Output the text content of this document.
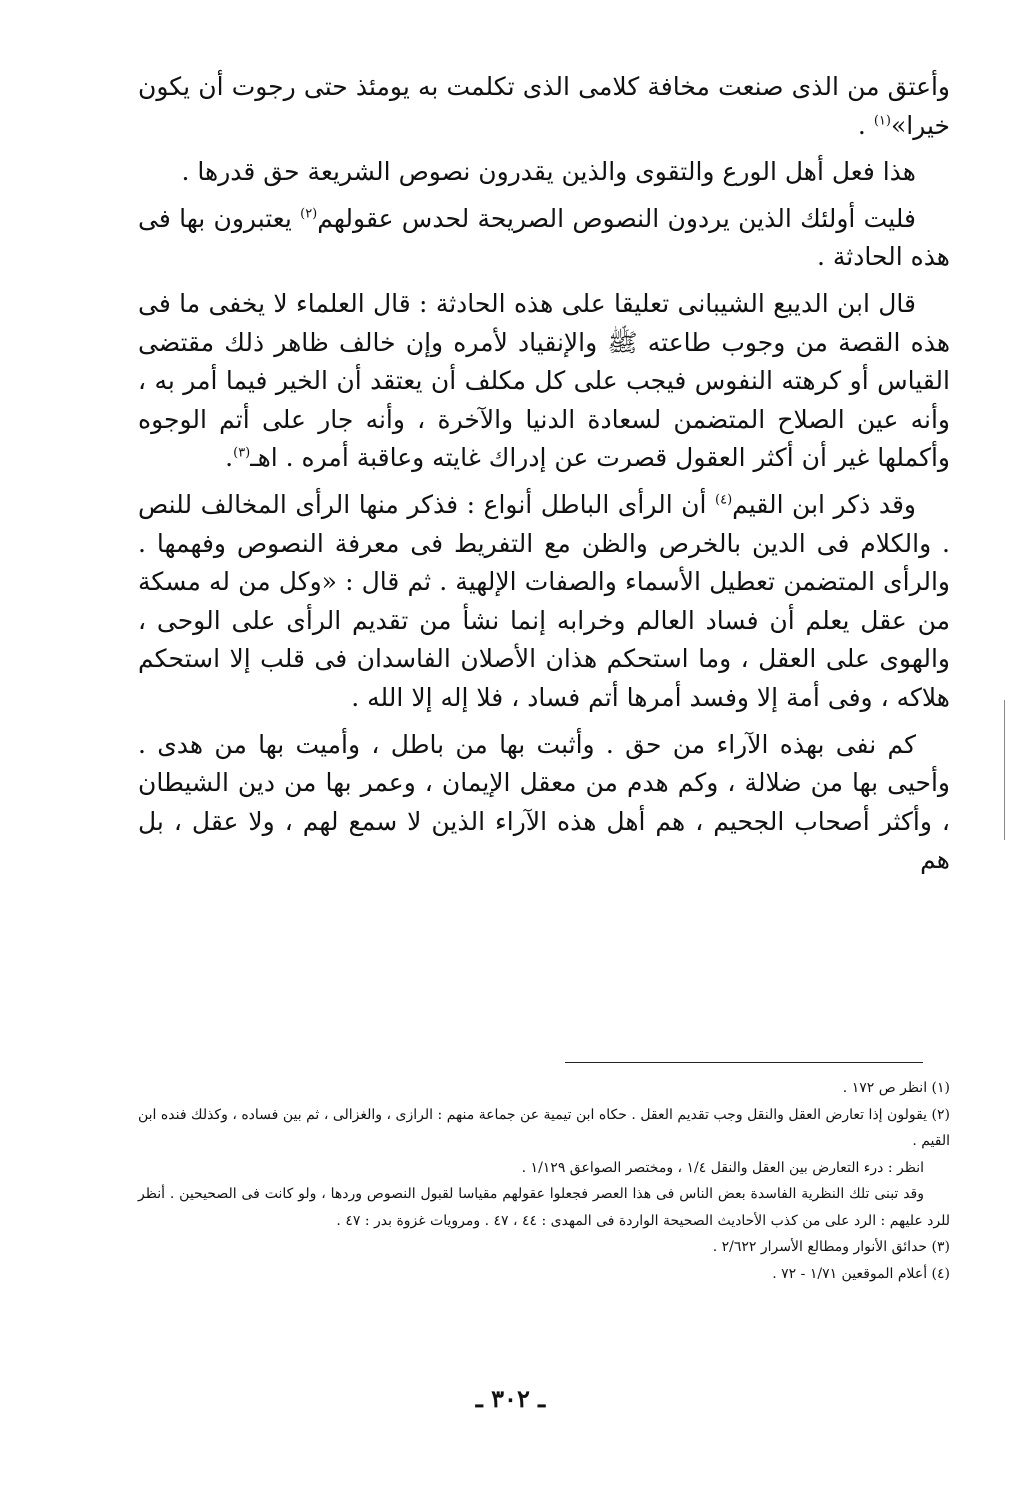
وأعتق من الذى صنعت مخافة كلامى الذى تكلمت به يومئذ حتى رجوت أن يكون خيرا»$^{(١)}$ .

هذا فعل أهل الورع والتقوى والذين يقدرون نصوص الشريعة حق قدرها .

فليت أولئك الذين يردون النصوص الصريحة لحدس عقولهم$^{(٢)}$ يعتبرون بها فى هذه الحادثة .

قال ابن الديبع الشيبانى تعليقا على هذه الحادثة : قال العلماء لا يخفى ما فى هذه القصة من وجوب طاعته ﷺ والإنقياد لأمره وإن خالف ظاهر ذلك مقتضى القياس أو كرهته النفوس فيجب على كل مكلف أن يعتقد أن الخير فيما أمر به ، وأنه عين الصلاح المتضمن لسعادة الدنيا والآخرة ، وأنه جار على أتم الوجوه وأكملها غير أن أكثر العقول قصرت عن إدراك غايته وعاقبة أمره . اهـ$^{(٣)}$.

وقد ذكر ابن القيم$^{(٤)}$ أن الرأى الباطل أنواع : فذكر منها الرأى المخالف للنص . والكلام فى الدين بالخرص والظن مع التفريط فى معرفة النصوص وفهمها . والرأى المتضمن تعطيل الأسماء والصفات الإلهية . ثم قال : «وكل من له مسكة من عقل يعلم أن فساد العالم وخرابه إنما نشأ من تقديم الرأى على الوحى ، والهوى على العقل ، وما استحكم هذان الأصلان الفاسدان فى قلب إلا استحكم هلاكه ، وفى أمة إلا وفسد أمرها أتم فساد ، فلا إله إلا الله .

كم نفى بهذه الآراء من حق . وأثبت بها من باطل ، وأميت بها من هدى . وأحيى بها من ضلالة ، وكم هدم من معقل الإيمان ، وعمر بها من دين الشيطان ، وأكثر أصحاب الجحيم ، هم أهل هذه الآراء الذين لا سمع لهم ، ولا عقل ، بل هم

(١) انظر ص ١٧٢ .

(٢) يقولون إذا تعارض العقل والنقل وجب تقديم العقل . حكاه ابن تيمية عن جماعة منهم : الرازى ، والغزالى ، ثم بين فساده ، وكذلك فنده ابن القيم .

انظر : درء التعارض بين العقل والنقل ١/٤ ، ومختصر الصواعق ١/١٢٩ .

وقد تبنى تلك النظرية الفاسدة بعض الناس فى هذا العصر فجعلوا عقولهم مقياسا لقبول النصوص وردها ، ولو كانت فى الصحيحين . أنظر للرد عليهم : الرد على من كذب الأحاديث الصحيحة الواردة فى المهدى : ٤٤ ، ٤٧ . ومرويات غزوة بدر : ٤٧ .

(٣) حدائق الأنوار ومطالع الأسرار ٢/٦٢٢ .

(٤) أعلام الموقعين ١/٧١ - ٧٢ .

ـ ٣٠٢ ـ
